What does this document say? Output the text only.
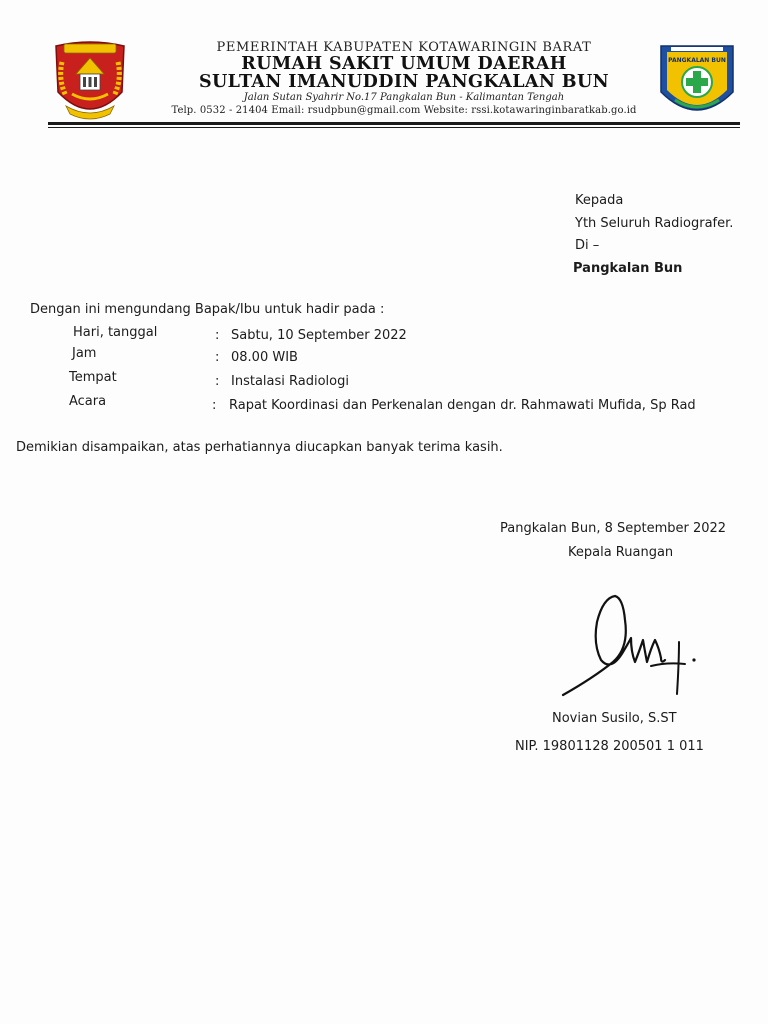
PEMERINTAH KABUPATEN KOTAWARINGIN BARAT
RUMAH SAKIT UMUM DAERAH
SULTAN IMANUDDIN PANGKALAN BUN
Jalan Sutan Syahrir No.17 Pangkalan Bun - Kalimantan Tengah
Telp. 0532 - 21404 Email: rsudpbun@gmail.com Website: rssi.kotawaringinbaratkab.go.id
PANGKALAN BUN
Kepada
Yth Seluruh Radiografer.
Di –
Pangkalan Bun
Dengan ini mengundang Bapak/Ibu untuk hadir pada :
Hari, tanggal	: Sabtu, 10 September 2022
Jam	: 08.00 WIB
Tempat	: Instalasi Radiologi
Acara	: Rapat Koordinasi dan Perkenalan dengan dr. Rahmawati Mufida, Sp Rad
Demikian disampaikan, atas perhatiannya diucapkan banyak terima kasih.
Pangkalan Bun, 8 September 2022
Kepala Ruangan
Novian Susilo, S.ST
NIP. 19801128 200501 1 011
